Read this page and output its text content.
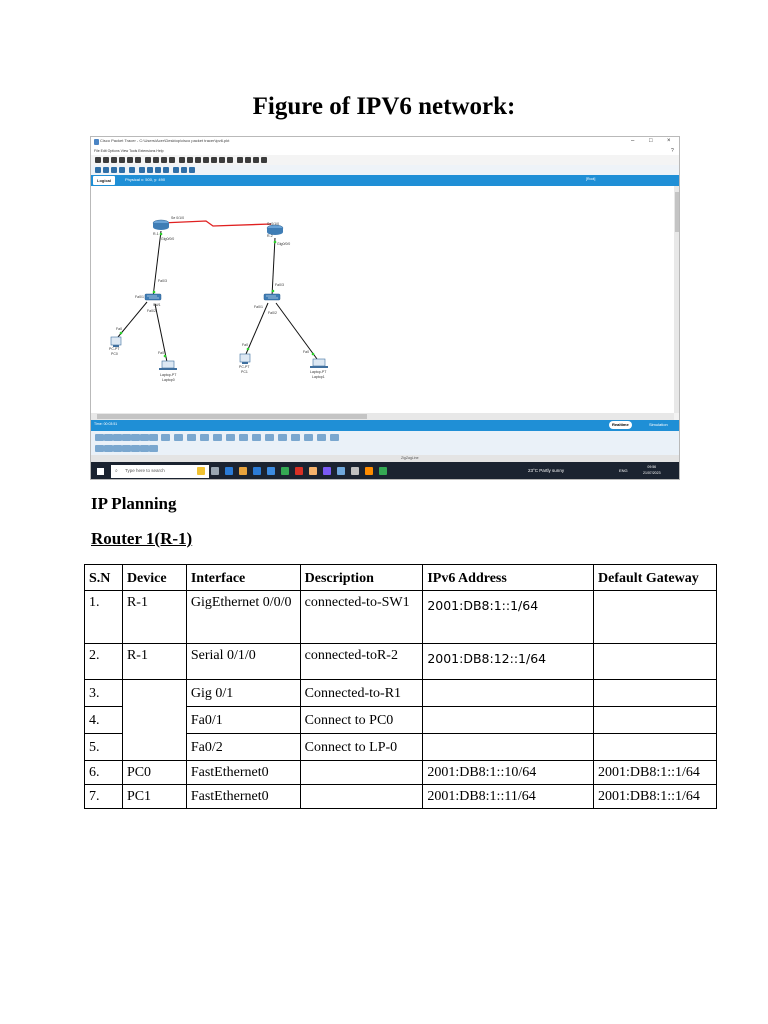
Figure of IPV6 network:
Cisco Packet Tracer - C:\Users\Acer\Desktop\cisco packet tracer\ipv6.pkt	– □ ×
File Edit Options View Tools Extensions Help	?
Logical	Physical x: 500, y: 490	[Root]
Se 0/1/0
R-1
Gig0/0/0
Se0/1/0
R-2
Gig0/0/0
Fa0/3
Fa0/1
SW1
Fa0/2
Fa0/3
Fa0/1
Fa0/2
Fa0
PC-PT
PC0	Fa0
Laptop-PT
Laptop0
Fa0
PC-PT
PC1
Fa0
Laptop-PT
Laptop1
Time: 00:03:51	Realtime	Simulation
ZigZagLine
⌕ Type here to search	23°C Partly sunny	ENG
09:56
21/07/2023
IP Planning
Router 1(R-1)
S.N	Device	Interface	Description	IPv6 Address	Default Gateway
1.	R-1	GigEthernet 0/0/0	connected-to-SW1	2001:DB8:1::1/64	
2.	R-1	Serial 0/1/0	connected-toR-2	2001:DB8:12::1/64	
3.		Gig 0/1	Connected-to-R1		
4.		Fa0/1	Connect to PC0		
5.		Fa0/2	Connect to LP-0		
6.	PC0	FastEthernet0		2001:DB8:1::10/64	2001:DB8:1::1/64
7.	PC1	FastEthernet0		2001:DB8:1::11/64	2001:DB8:1::1/64
